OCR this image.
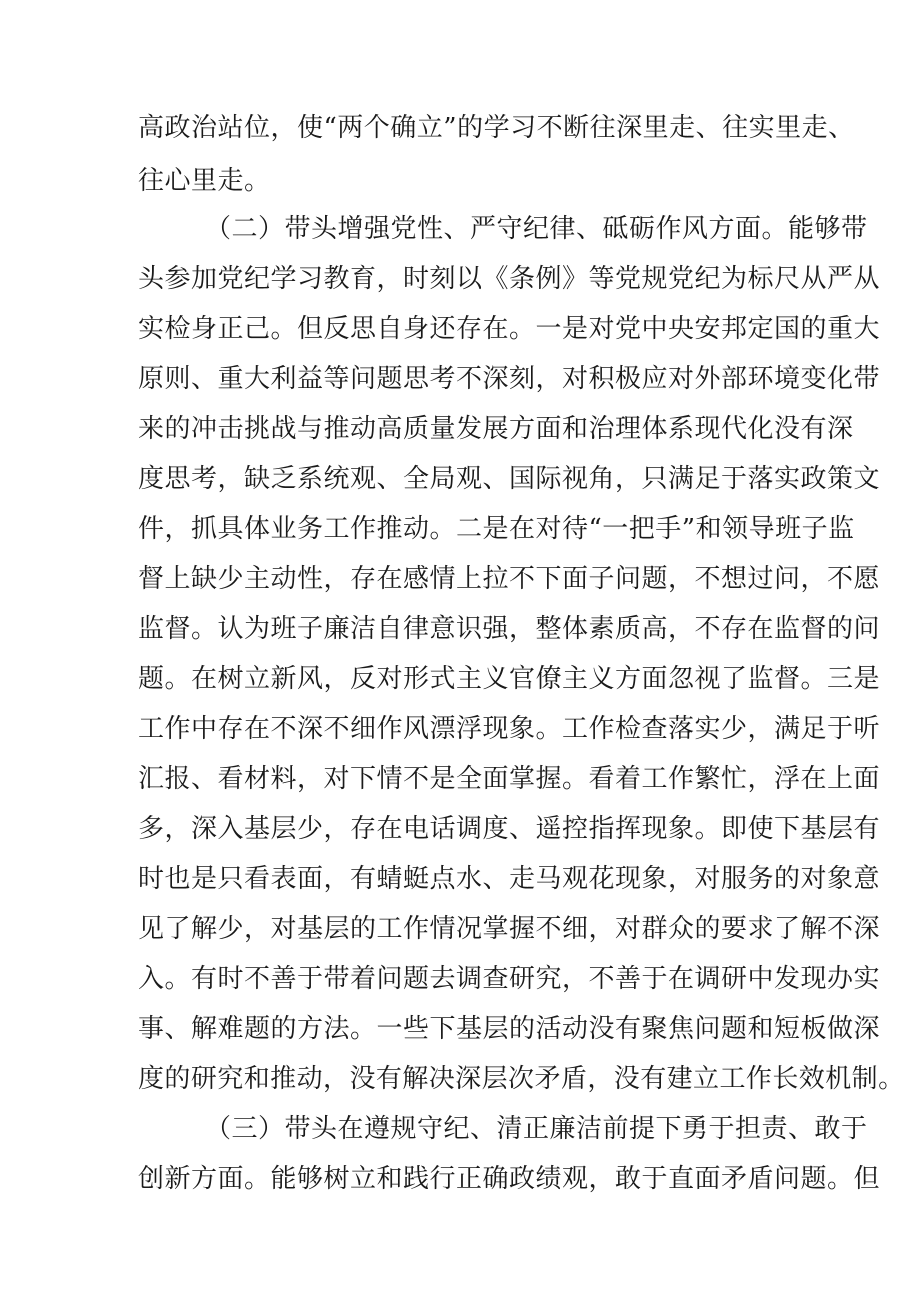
高政治站位，使“两个确立”的学习不断往深里走、往实里走、
往心里走。
（二）带头增强党性、严守纪律、砥砺作风方面。能够带
头参加党纪学习教育，时刻以《条例》等党规党纪为标尺从严从
实检身正己。但反思自身还存在。一是对党中央安邦定国的重大
原则、重大利益等问题思考不深刻，对积极应对外部环境变化带
来的冲击挑战与推动高质量发展方面和治理体系现代化没有深
度思考，缺乏系统观、全局观、国际视角，只满足于落实政策文
件，抓具体业务工作推动。二是在对待“一把手”和领导班子监
督上缺少主动性，存在感情上拉不下面子问题，不想过问，不愿
监督。认为班子廉洁自律意识强，整体素质高，不存在监督的问
题。在树立新风，反对形式主义官僚主义方面忽视了监督。三是
工作中存在不深不细作风漂浮现象。工作检查落实少，满足于听
汇报、看材料，对下情不是全面掌握。看着工作繁忙，浮在上面
多，深入基层少，存在电话调度、遥控指挥现象。即使下基层有
时也是只看表面，有蜻蜓点水、走马观花现象，对服务的对象意
见了解少，对基层的工作情况掌握不细，对群众的要求了解不深
入。有时不善于带着问题去调查研究，不善于在调研中发现办实
事、解难题的方法。一些下基层的活动没有聚焦问题和短板做深
度的研究和推动，没有解决深层次矛盾，没有建立工作长效机制。
（三）带头在遵规守纪、清正廉洁前提下勇于担责、敢于
创新方面。能够树立和践行正确政绩观，敢于直面矛盾问题。但
